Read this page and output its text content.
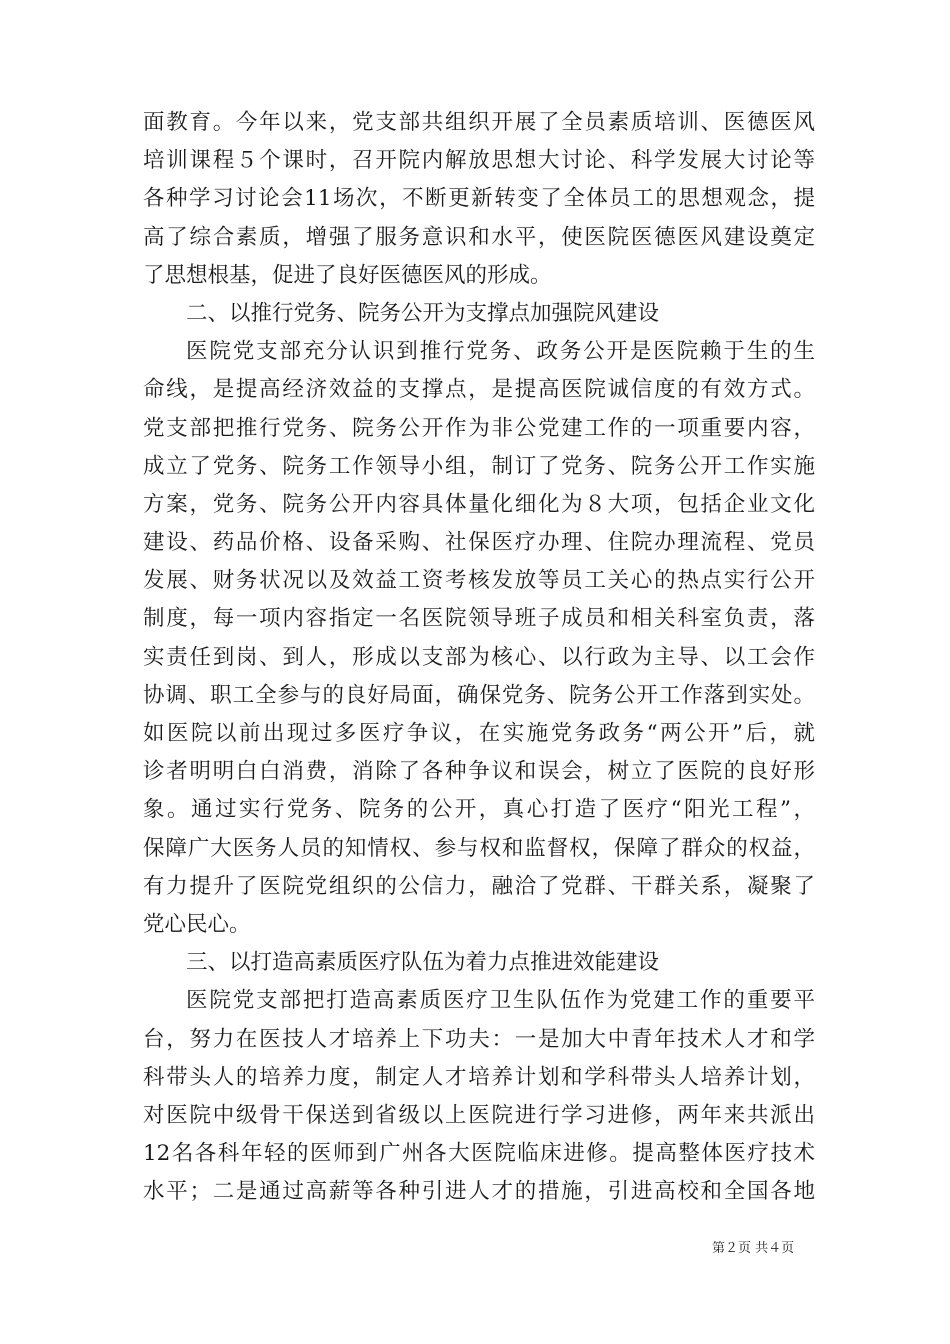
面教育。今年以来，党支部共组织开展了全员素质培训、医德医风
培训课程５个课时，召开院内解放思想大讨论、科学发展大讨论等
各种学习讨论会11场次，不断更新转变了全体员工的思想观念，提
高了综合素质，增强了服务意识和水平，使医院医德医风建设奠定
了思想根基，促进了良好医德医风的形成。
二、以推行党务、院务公开为支撑点加强院风建设
医院党支部充分认识到推行党务、政务公开是医院赖于生的生
命线，是提高经济效益的支撑点，是提高医院诚信度的有效方式。
党支部把推行党务、院务公开作为非公党建工作的一项重要内容，
成立了党务、院务工作领导小组，制订了党务、院务公开工作实施
方案，党务、院务公开内容具体量化细化为８大项，包括企业文化
建设、药品价格、设备采购、社保医疗办理、住院办理流程、党员
发展、财务状况以及效益工资考核发放等员工关心的热点实行公开
制度，每一项内容指定一名医院领导班子成员和相关科室负责，落
实责任到岗、到人，形成以支部为核心、以行政为主导、以工会作
协调、职工全参与的良好局面，确保党务、院务公开工作落到实处。
如医院以前出现过多医疗争议，在实施党务政务“两公开”后，就
诊者明明白白消费，消除了各种争议和误会，树立了医院的良好形
象。通过实行党务、院务的公开，真心打造了医疗“阳光工程”，
保障广大医务人员的知情权、参与权和监督权，保障了群众的权益，
有力提升了医院党组织的公信力，融洽了党群、干群关系，凝聚了
党心民心。
三、以打造高素质医疗队伍为着力点推进效能建设
医院党支部把打造高素质医疗卫生队伍作为党建工作的重要平
台，努力在医技人才培养上下功夫：一是加大中青年技术人才和学
科带头人的培养力度，制定人才培养计划和学科带头人培养计划，
对医院中级骨干保送到省级以上医院进行学习进修，两年来共派出
12名各科年轻的医师到广州各大医院临床进修。提高整体医疗技术
水平；二是通过高薪等各种引进人才的措施，引进高校和全国各地
第２页 共４页
